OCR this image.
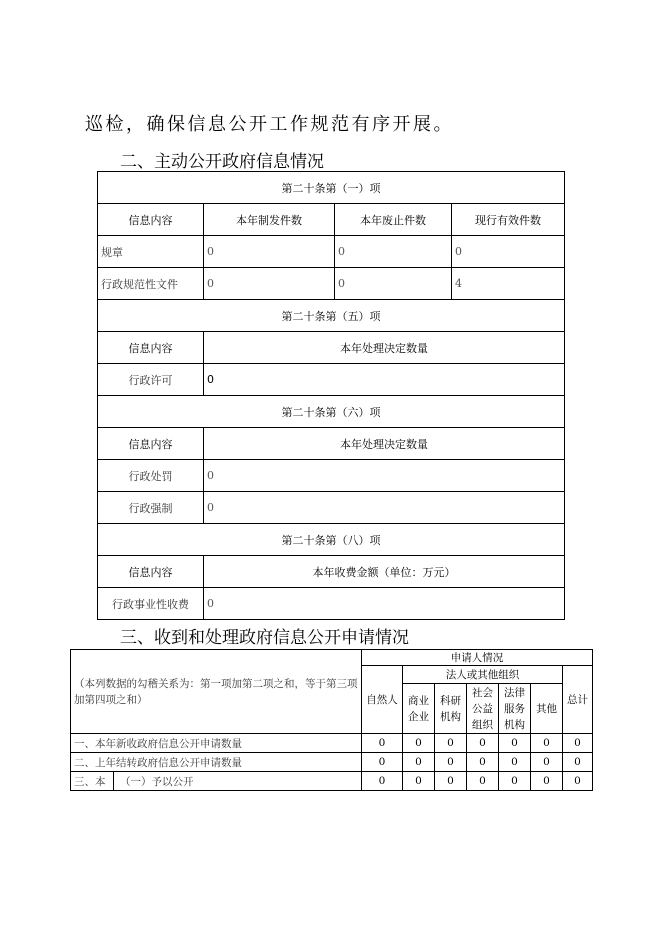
巡检，确保信息公开工作规范有序开展。
二、主动公开政府信息情况
第二十条第（一）项			
信息内容	本年制发件数	本年废止件数	现行有效件数
规章	0	0	0
行政规范性文件	0	0	4
第二十条第（五）项			
信息内容	本年处理决定数量		
行政许可	0		
第二十条第（六）项			
信息内容	本年处理决定数量		
行政处罚	0		
行政强制	0		
第二十条第（八）项			
信息内容	本年收费金额（单位：万元）		
行政事业性收费	0		
三、收到和处理政府信息公开申请情况
（本列数据的勾稽关系为：第一项加第二项之和，等于第三项加第四项之和）		申请人情况						
		自然人	法人或其他组织					总计
			商业企业	科研机构	社会公益组织	法律服务机构	其他	
一、本年新收政府信息公开申请数量		0	0	0	0	0	0	0
二、上年结转政府信息公开申请数量		0	0	0	0	0	0	0
三、本	（一）予以公开	0	0	0	0	0	0	0
